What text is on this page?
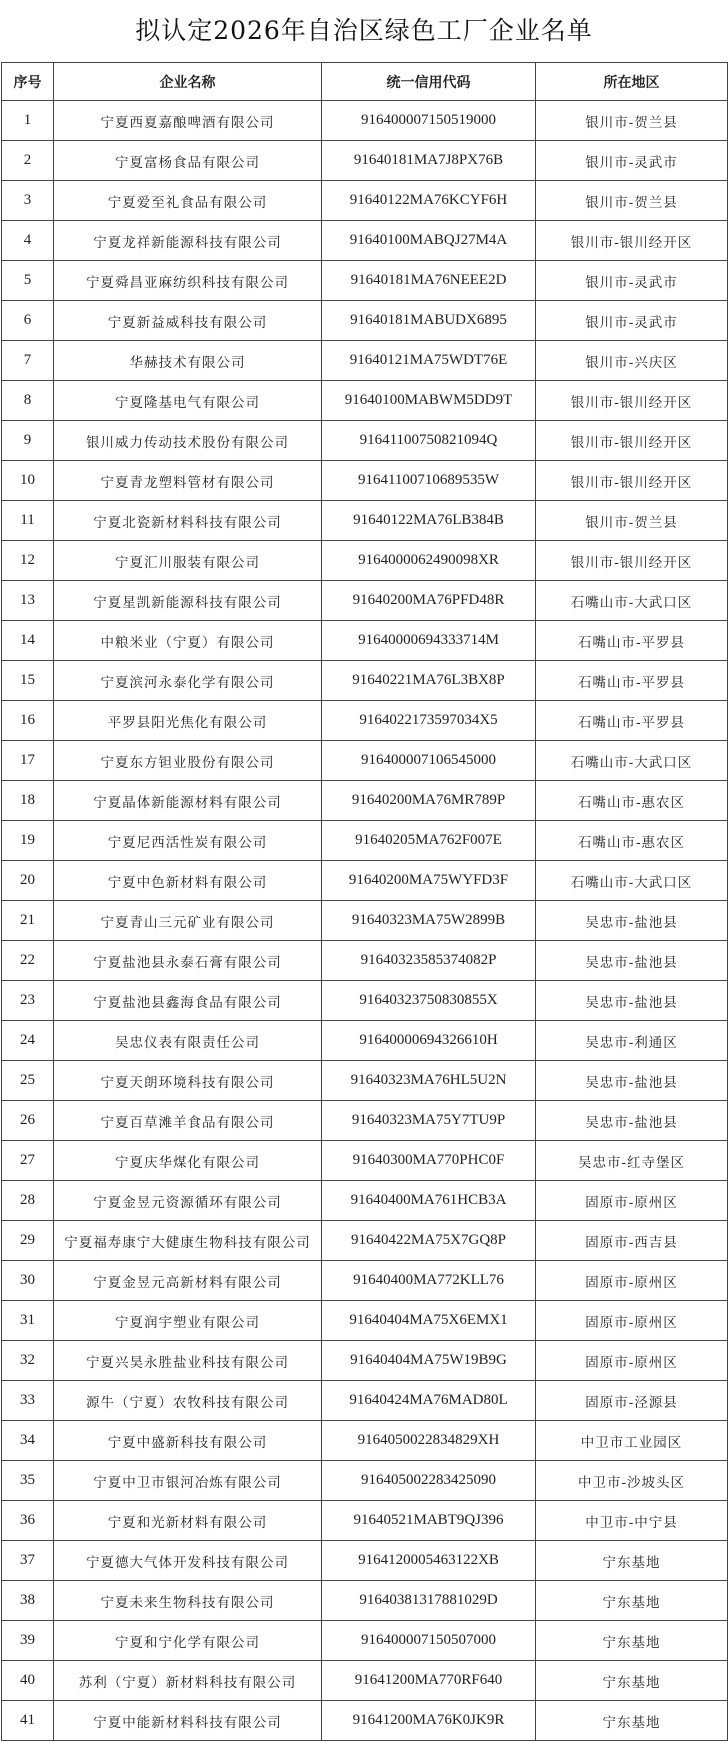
拟认定2026年自治区绿色工厂企业名单
序号	企业名称	统一信用代码	所在地区
1	宁夏西夏嘉酿啤酒有限公司	916400007150519000	银川市-贺兰县
2	宁夏富杨食品有限公司	91640181MA7J8PX76B	银川市-灵武市
3	宁夏爱至礼食品有限公司	91640122MA76KCYF6H	银川市-贺兰县
4	宁夏龙祥新能源科技有限公司	91640100MABQJ27M4A	银川市-银川经开区
5	宁夏舜昌亚麻纺织科技有限公司	91640181MA76NEEE2D	银川市-灵武市
6	宁夏新益威科技有限公司	91640181MABUDX6895	银川市-灵武市
7	华赫技术有限公司	91640121MA75WDT76E	银川市-兴庆区
8	宁夏隆基电气有限公司	91640100MABWM5DD9T	银川市-银川经开区
9	银川威力传动技术股份有限公司	91641100750821094Q	银川市-银川经开区
10	宁夏青龙塑料管材有限公司	91641100710689535W	银川市-银川经开区
11	宁夏北瓷新材料科技有限公司	91640122MA76LB384B	银川市-贺兰县
12	宁夏汇川服装有限公司	9164000062490098XR	银川市-银川经开区
13	宁夏星凯新能源科技有限公司	91640200MA76PFD48R	石嘴山市-大武口区
14	中粮米业（宁夏）有限公司	91640000694333714M	石嘴山市-平罗县
15	宁夏滨河永泰化学有限公司	91640221MA76L3BX8P	石嘴山市-平罗县
16	平罗县阳光焦化有限公司	9164022173597034X5	石嘴山市-平罗县
17	宁夏东方钽业股份有限公司	916400007106545000	石嘴山市-大武口区
18	宁夏晶体新能源材料有限公司	91640200MA76MR789P	石嘴山市-惠农区
19	宁夏尼西活性炭有限公司	91640205MA762F007E	石嘴山市-惠农区
20	宁夏中色新材料有限公司	91640200MA75WYFD3F	石嘴山市-大武口区
21	宁夏青山三元矿业有限公司	91640323MA75W2899B	吴忠市-盐池县
22	宁夏盐池县永泰石膏有限公司	91640323585374082P	吴忠市-盐池县
23	宁夏盐池县鑫海食品有限公司	91640323750830855X	吴忠市-盐池县
24	吴忠仪表有限责任公司	91640000694326610H	吴忠市-利通区
25	宁夏天朗环境科技有限公司	91640323MA76HL5U2N	吴忠市-盐池县
26	宁夏百草滩羊食品有限公司	91640323MA75Y7TU9P	吴忠市-盐池县
27	宁夏庆华煤化有限公司	91640300MA770PHC0F	吴忠市-红寺堡区
28	宁夏金昱元资源循环有限公司	91640400MA761HCB3A	固原市-原州区
29	宁夏福寿康宁大健康生物科技有限公司	91640422MA75X7GQ8P	固原市-西吉县
30	宁夏金昱元高新材料有限公司	91640400MA772KLL76	固原市-原州区
31	宁夏润宇塑业有限公司	91640404MA75X6EMX1	固原市-原州区
32	宁夏兴昊永胜盐业科技有限公司	91640404MA75W19B9G	固原市-原州区
33	源牛（宁夏）农牧科技有限公司	91640424MA76MAD80L	固原市-泾源县
34	宁夏中盛新科技有限公司	9164050022834829XH	中卫市工业园区
35	宁夏中卫市银河冶炼有限公司	916405002283425090	中卫市-沙坡头区
36	宁夏和光新材料有限公司	91640521MABT9QJ396	中卫市-中宁县
37	宁夏德大气体开发科技有限公司	9164120005463122XB	宁东基地
38	宁夏未来生物科技有限公司	91640381317881029D	宁东基地
39	宁夏和宁化学有限公司	916400007150507000	宁东基地
40	苏利（宁夏）新材料科技有限公司	91641200MA770RF640	宁东基地
41	宁夏中能新材料科技有限公司	91641200MA76K0JK9R	宁东基地
